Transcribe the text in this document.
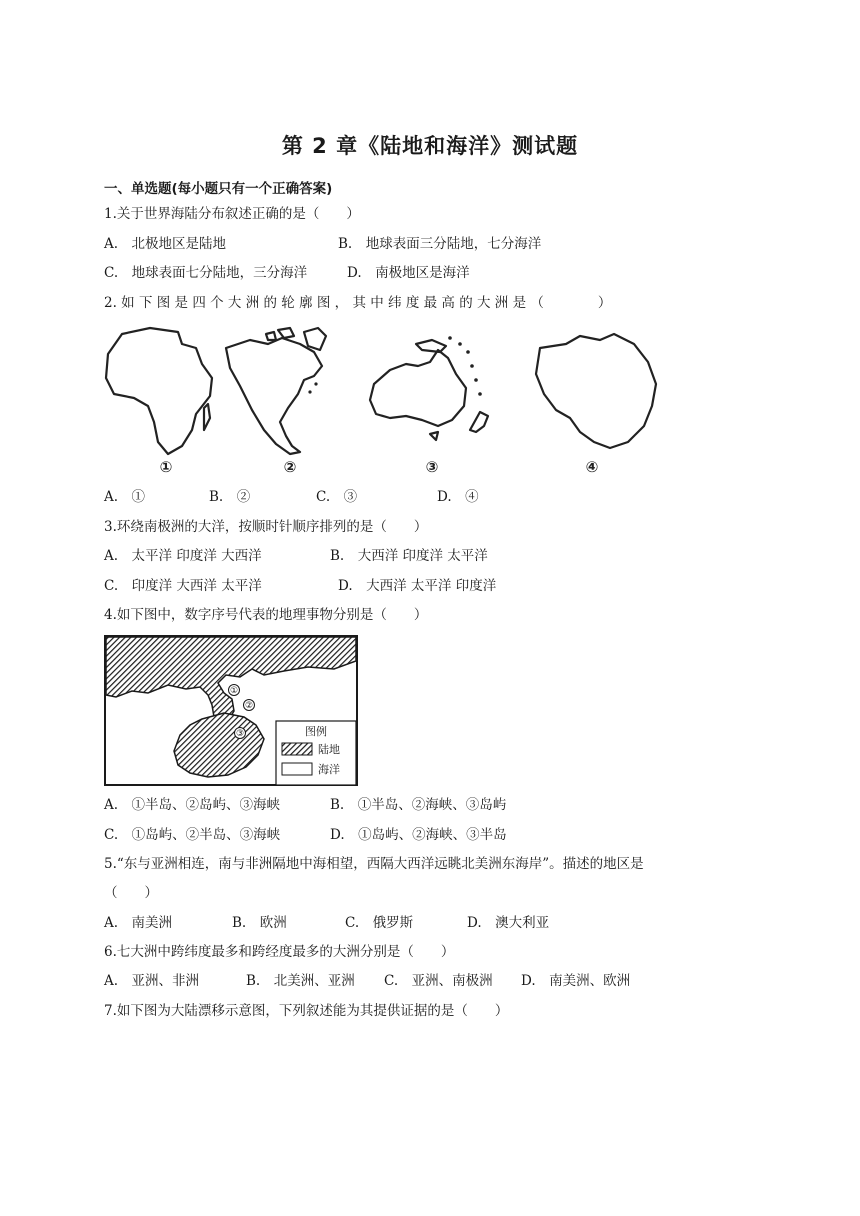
第 2 章《陆地和海洋》测试题
一、单选题(每小题只有一个正确答案)
1.关于世界海陆分布叙述正确的是（　　）
A.　北极地区是陆地	B.　地球表面三分陆地，七分海洋
C.　地球表面七分陆地，三分海洋	D.　南极地区是海洋
2. 如 下 图 是 四 个 大 洲 的 轮 廓 图 ， 其 中 纬 度 最 高 的 大 洲 是 （　　　　）
①	②	③	④
A.　①	B.　②	C.　③	D.　④
3.环绕南极洲的大洋，按顺时针顺序排列的是（　　）
A.　太平洋 印度洋 大西洋	B.　大西洋 印度洋 太平洋
C.　印度洋 大西洋 太平洋	D.　大西洋 太平洋 印度洋
4.如下图中，数字序号代表的地理事物分别是（　　）
①
②
③	图例
陆地
海洋
A.　①半岛、②岛屿、③海峡	B.　①半岛、②海峡、③岛屿
C.　①岛屿、②半岛、③海峡	D.　①岛屿、②海峡、③半岛
5.“东与亚洲相连，南与非洲隔地中海相望，西隔大西洋远眺北美洲东海岸”。描述的地区是
（　　）
A.　南美洲	B.　欧洲	C.　俄罗斯	D.　澳大利亚
6.七大洲中跨纬度最多和跨经度最多的大洲分别是（　　）
A.　亚洲、非洲	B.　北美洲、亚洲 C.　亚洲、南极洲 D.　南美洲、欧洲
7.如下图为大陆漂移示意图，下列叙述能为其提供证据的是（　　）
